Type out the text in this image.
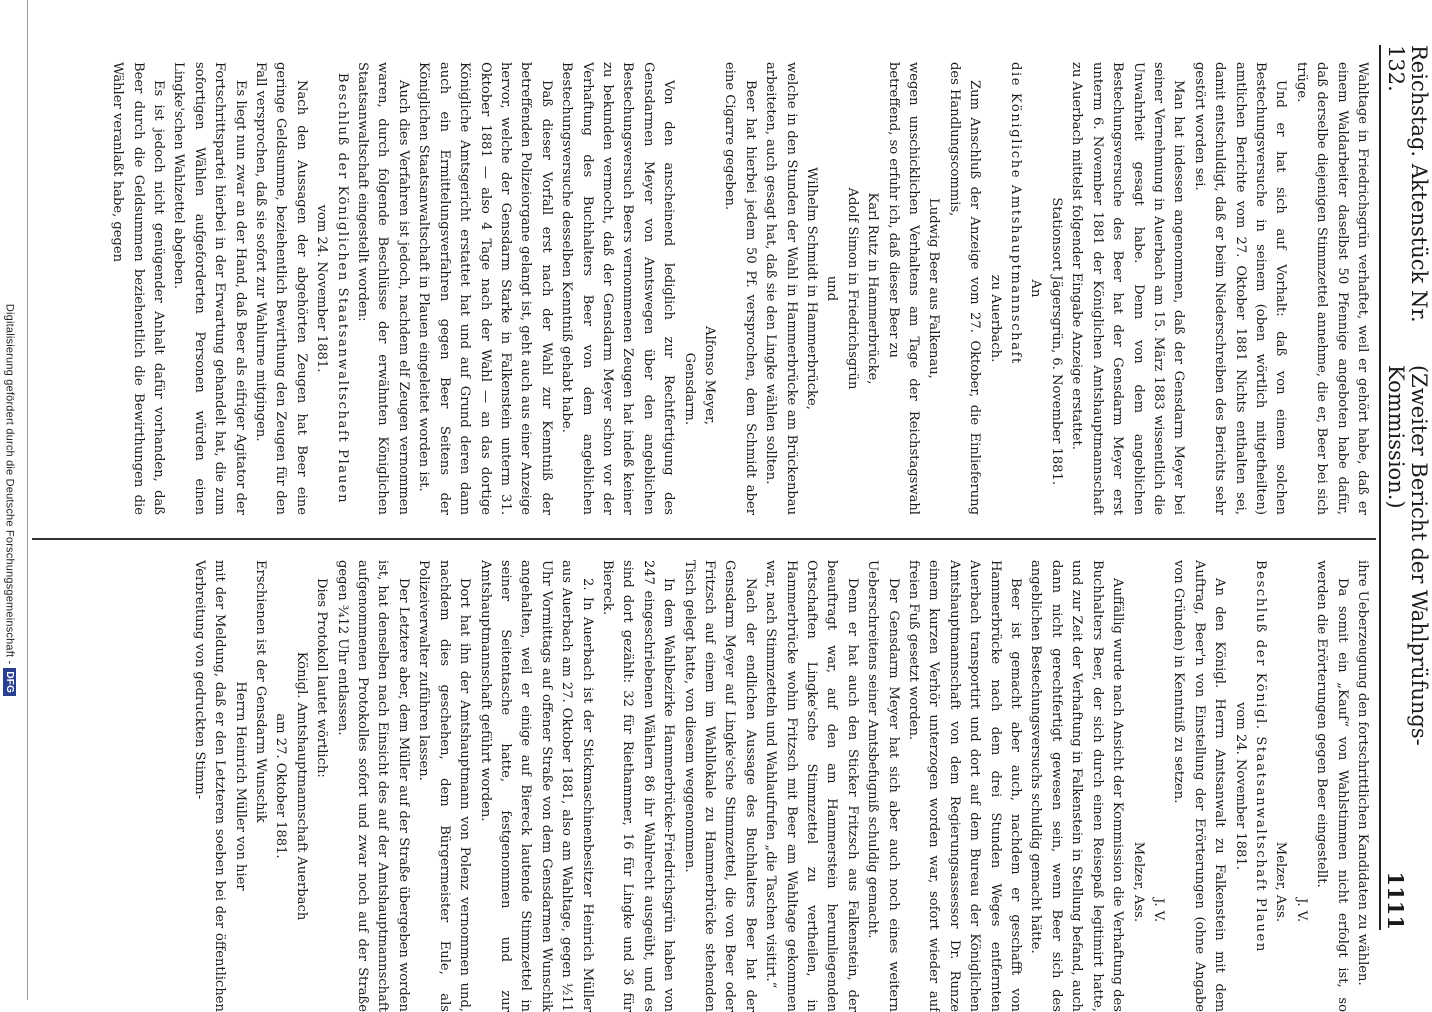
Reichstag. Aktenstück Nr. 132.
(Zweiter Bericht der Wahlprüfungs-Kommission.)
1111

Wahltage in Friedrichsgrün verhaftet, weil er gehört habe, daß er einem Waldarbeiter daselbst 50 Pfennige angeboten habe dafür, daß derselbe diejenigen Stimmzettel annehme, die er, Beer bei sich trüge.

Und er hat sich auf Vorhalt: daß von einem solchen Bestechungsversuche in seinem (oben wörtlich mitgetheilten) amtlichen Berichte vom 27. Oktober 1881 Nichts enthalten sei, damit entschuldigt, daß er beim Niederschreiben des Berichts sehr gestört worden sei.

Man hat indessen angenommen, daß der Gensdarm Meyer bei seiner Vernehmung in Auerbach am 15. März 1883 wissentlich die Unwahrheit gesagt habe. Denn von dem angeblichen Bestechungsversuche des Beer hat der Gensdarm Meyer erst unterm 6. November 1881 der Königlichen Amtshauptmannschaft zu Auerbach mittelst folgender Eingabe Anzeige erstattet.

Stationsort Jägersgrün, 6. November 1881.

An

die Königliche Amtshauptmannschaft

zu Auerbach.

Zum Anschluß der Anzeige vom 27. Oktober, die Einlieferung des Handlungscommis,

Ludwig Beer aus Falkenau,

wegen unschicklichen Verhaltens am Tage der Reichstagswahl betreffend, so erfuhr ich, daß dieser Beer zu

Karl Rutz in Hammerbrücke,

Adolf Simon in Friedrichsgrün

und

Wilhelm Schmidt in Hammerbrücke,

welche in den Stunden der Wahl in Hammerbrücke am Brückenbau arbeiteten, auch gesagt hat, daß sie den Lingke wählen sollten.

Beer hat hierbei jedem 50 Pf. versprochen, dem Schmidt aber eine Cigarre gegeben.

Alfonso Meyer,

Gensdarm.

Von den anscheinend lediglich zur Rechtfertigung des Gensdarmen Meyer von Amtswegen über den angeblichen Bestechungsversuch Beers vernommenen Zeugen hat indeß keiner zu bekunden vermocht, daß der Gensdarm Meyer schon vor der Verhaftung des Buchhalters Beer von dem angeblichen Bestechungsversuche desselben Kenntniß gehabt habe.

Daß dieser Vorfall erst nach der Wahl zur Kenntniß der betreffenden Polizeiorgane gelangt ist, geht auch aus einer Anzeige hervor, welche der Gensdarm Starke in Falkenstein unterm 31. Oktober 1881 — also 4 Tage nach der Wahl — an das dortige Königliche Amtsgericht erstattet hat und auf Grund deren dann auch ein Ermittelungsverfahren gegen Beer Seitens der Königlichen Staatsanwaltschaft in Plauen eingeleitet worden ist.

Auch dies Verfahren ist jedoch, nachdem elf Zeugen vernommen waren, durch folgende Beschlüsse der erwähnten Königlichen Staatsanwaltschaft eingestellt worden:

Beschluß der Königlichen Staatsanwaltschaft Plauen

vom 24. November 1881.

Nach den Aussagen der abgehörten Zeugen hat Beer eine geringe Geldsumme, beziehentlich Bewirthung den Zeugen für den Fall versprochen, daß sie sofort zur Wahlurne mitgingen.

Es liegt nun zwar an der Hand, daß Beer als eifriger Agitator der Fortschrittspartei hierbei in der Erwartung gehandelt hat, die zum sofortigen Wählen aufgeforderten Personen würden einen Lingke'schen Wahlzettel abgeben.

Es ist jedoch nicht genügender Anhalt dafür vorhanden, daß Beer durch die Geldsummen beziehentlich die Bewirthungen die Wähler veranlaßt habe, gegen

ihre Ueberzeugung den fortschrittlichen Kandidaten zu wählen.

Da somit ein „Kauf“ von Wahlstimmen nicht erfolgt ist, so werden die Erörterungen gegen Beer eingestellt.

J. V.

Melzer, Ass.

Beschluß der Königl. Staatsanwaltschaft Plauen

vom 24. November 1881.

An den Königl. Herrn Amtsanwalt zu Falkenstein mit dem Auftrag, Beer'n von Einstellung der Erörterungen (ohne Angabe von Gründen) in Kenntniß zu setzen.

J. V.

Melzer, Ass.

Auffällig wurde nach Ansicht der Kommission die Verhaftung des Buchhalters Beer, der sich durch einen Reisepaß legitimirt hatte, und zur Zeit der Verhaftung in Falkenstein in Stellung befand, auch dann nicht gerechtfertigt gewesen sein, wenn Beer sich des angeblichen Bestechungsversuchs schuldig gemacht hätte.

Beer ist gemacht aber auch, nachdem er geschafft von Hammerbrücke nach dem drei Stunden Weges entfernten Auerbach transportirt und dort auf dem Bureau der Königlichen Amtshauptmannschaft von dem Regierungsassessor Dr. Runze einem kurzen Verhör unterzogen worden war, sofort wieder auf freien Fuß gesetzt worden.

Der Gensdarm Meyer hat sich aber auch noch eines weitern Ueberschreitens seiner Amtsbefugniß schuldig gemacht.

Denn er hat auch den Sticker Fritzsch aus Falkenstein, der beauftragt war, auf den am Hammerstein herumliegenden Ortschaften Lingke'sche Stimmzettel zu vertheilen, in Hammerbrücke wohin Fritzsch mit Beer am Wahltage gekommen war, nach Stimmzetteln und Wahlaufrufen „die Taschen visitirt.“

Nach der endlichen Aussage des Buchhalters Beer hat der Gensdarm Meyer auf Lingke'sche Stimmzettel, die von Beer oder Fritzsch auf einem im Wahllokale zu Hammerbrücke stehenden Tisch gelegt hatte, von diesem weggenommen.

In dem Wahlbezirke Hammerbrücke-Friedrichsgrün haben von 247 eingeschriebenen Wählern 86 ihr Wahlrecht ausgeübt, und es sind dort gezählt: 32 für Riethammer, 16 für Lingke und 36 für Biereck.

2. In Auerbach ist der Stickmaschinenbesitzer Heinrich Müller aus Auerbach am 27. Oktober 1881, also am Wahltage, gegen ½11 Uhr Vormittags auf offener Straße von dem Gensdarmen Wunschik angehalten, weil er einige auf Biereck lautende Stimmzettel in seiner Seitentasche hatte, festgenommen und zur Amtshauptmannschaft geführt worden.

Dort hat ihn der Amtshauptmann von Polenz vernommen und, nachdem dies geschehen, dem Bürgermeister Eule, als Polizeiverwalter zuführen lassen.

Der Letztere aber, dem Müller auf der Straße übergeben worden ist, hat denselben nach Einsicht des auf der Amtshauptmannschaft aufgenommenen Protokolles sofort und zwar noch auf der Straße gegen ¾12 Uhr entlassen.

Dies Protokoll lautet wörtlich:

Königl. Amtshauptmannschaft Auerbach

am 27. Oktober 1881.

Erschienen ist der Gensdarm Wunschik

Herrn Heinrich Müller von hier

mit der Meldung, daß er den Letzteren soeben bei der öffentlichen Verbreitung von gedruckten Stimm-

Digitalisierung gefördert durch die Deutsche Forschungsgemeinschaft -DFG
